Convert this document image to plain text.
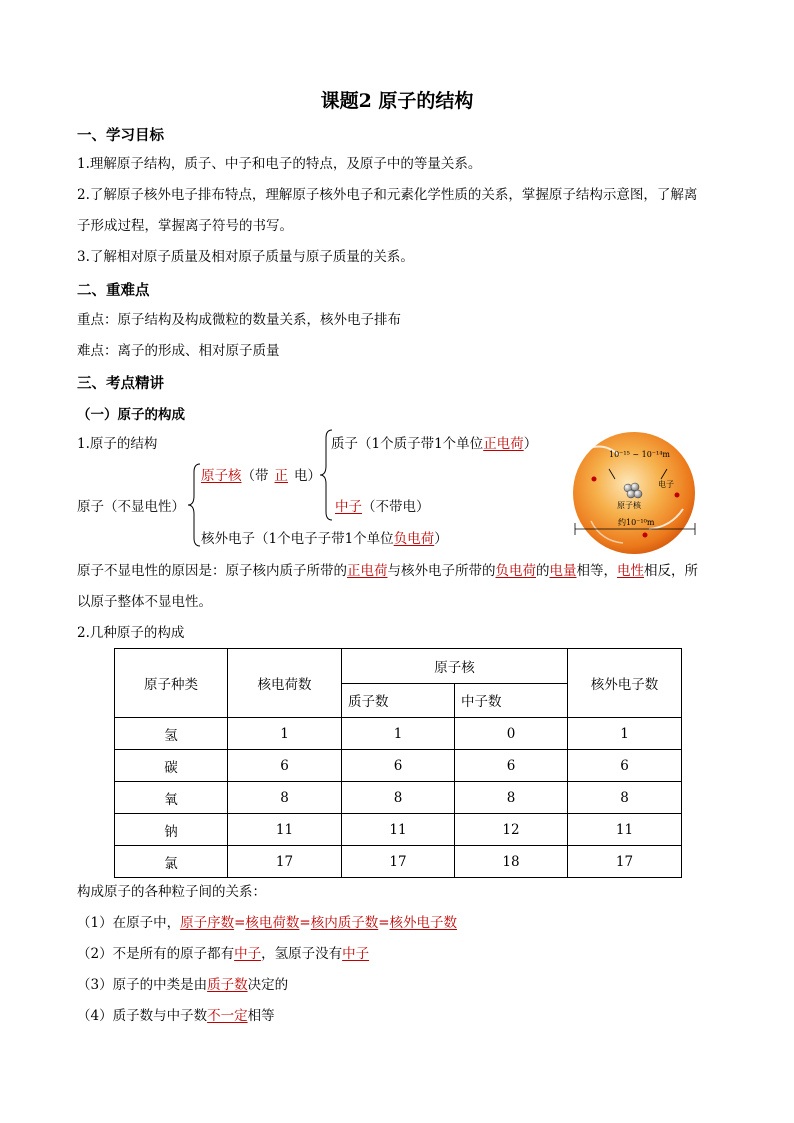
课题2 原子的结构
一、学习目标
1.理解原子结构，质子、中子和电子的特点，及原子中的等量关系。
2.了解原子核外电子排布特点，理解原子核外电子和元素化学性质的关系，掌握原子结构示意图，了解离
子形成过程，掌握离子符号的书写。
3.了解相对原子质量及相对原子质量与原子质量的关系。
二、重难点
重点：原子结构及构成微粒的数量关系，核外电子排布
难点：离子的形成、相对原子质量
三、考点精讲
（一）原子的构成
1.原子的结构
原子（不显电性）
原子核（带 正 电）
质子（1个质子带1个单位正电荷）
中子（不带电）
核外电子（1个电子子带1个单位负电荷）
10⁻¹⁵ ~ 10⁻¹⁴m
原子核
电子
约10⁻¹⁰m
原子不显电性的原因是：原子核内质子所带的正电荷与核外电子所带的负电荷的电量相等，电性相反，所
以原子整体不显电性。
2.几种原子的构成
原子种类	核电荷数	原子核		核外电子数
		质子数	中子数	
氢	1	1	0	1
碳	6	6	6	6
氧	8	8	8	8
钠	11	11	12	11
氯	17	17	18	17
构成原子的各种粒子间的关系：
（1）在原子中，原子序数=核电荷数=核内质子数=核外电子数
（2）不是所有的原子都有中子，氢原子没有中子
（3）原子的中类是由质子数决定的
（4）质子数与中子数不一定相等
